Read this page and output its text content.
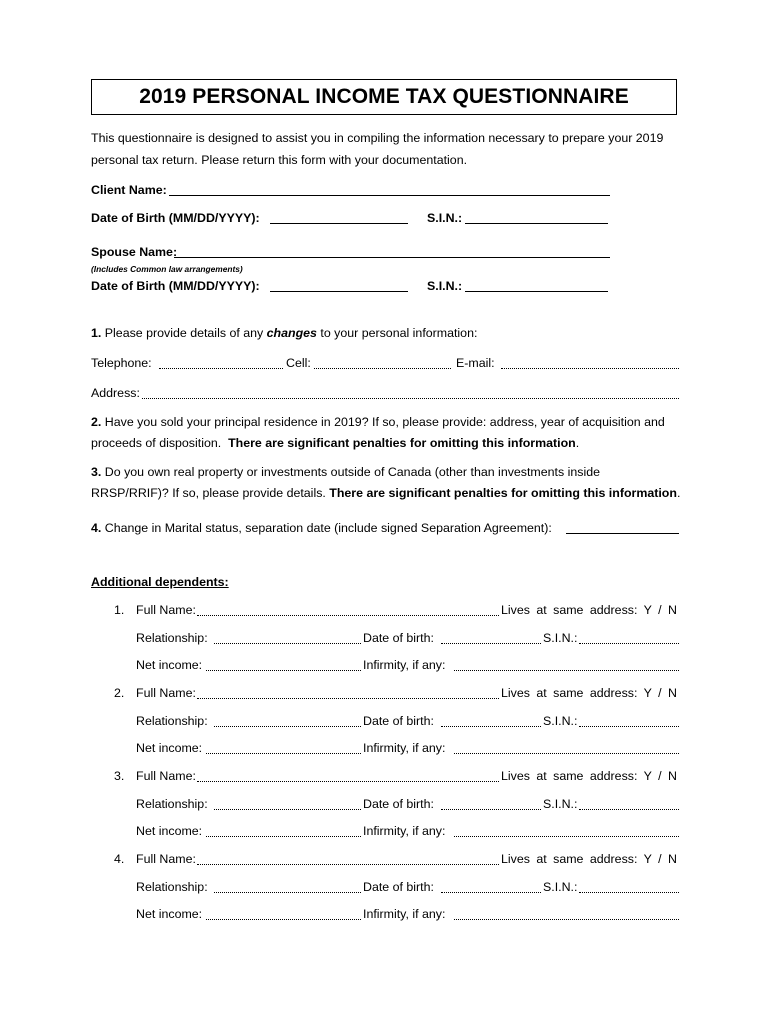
2019 PERSONAL INCOME TAX QUESTIONNAIRE
This questionnaire is designed to assist you in compiling the information necessary to prepare your 2019
personal tax return. Please return this form with your documentation.
Client Name:
Date of Birth (MM/DD/YYYY):	S.I.N.:
Spouse Name:
(Includes Common law arrangements)
Date of Birth (MM/DD/YYYY):	S.I.N.:
1. Please provide details of any changes to your personal information:
Telephone:	Cell:	E-mail:
Address:
2. Have you sold your principal residence in 2019? If so, please provide: address, year of acquisition and proceeds of disposition.  There are significant penalties for omitting this information.
3. Do you own real property or investments outside of Canada (other than investments inside RRSP/RRIF)? If so, please provide details. There are significant penalties for omitting this information.
4. Change in Marital status, separation date (include signed Separation Agreement):
Additional dependents:
1. Full Name:	Lives at same address: Y / N
Relationship:	Date of birth:	S.I.N.:
Net income:	Infirmity, if any:
2. Full Name:	Lives at same address: Y / N
Relationship:	Date of birth:	S.I.N.:
Net income:	Infirmity, if any:
3. Full Name:	Lives at same address: Y / N
Relationship:	Date of birth:	S.I.N.:
Net income:	Infirmity, if any:
4. Full Name:	Lives at same address: Y / N
Relationship:	Date of birth:	S.I.N.:
Net income:	Infirmity, if any:
